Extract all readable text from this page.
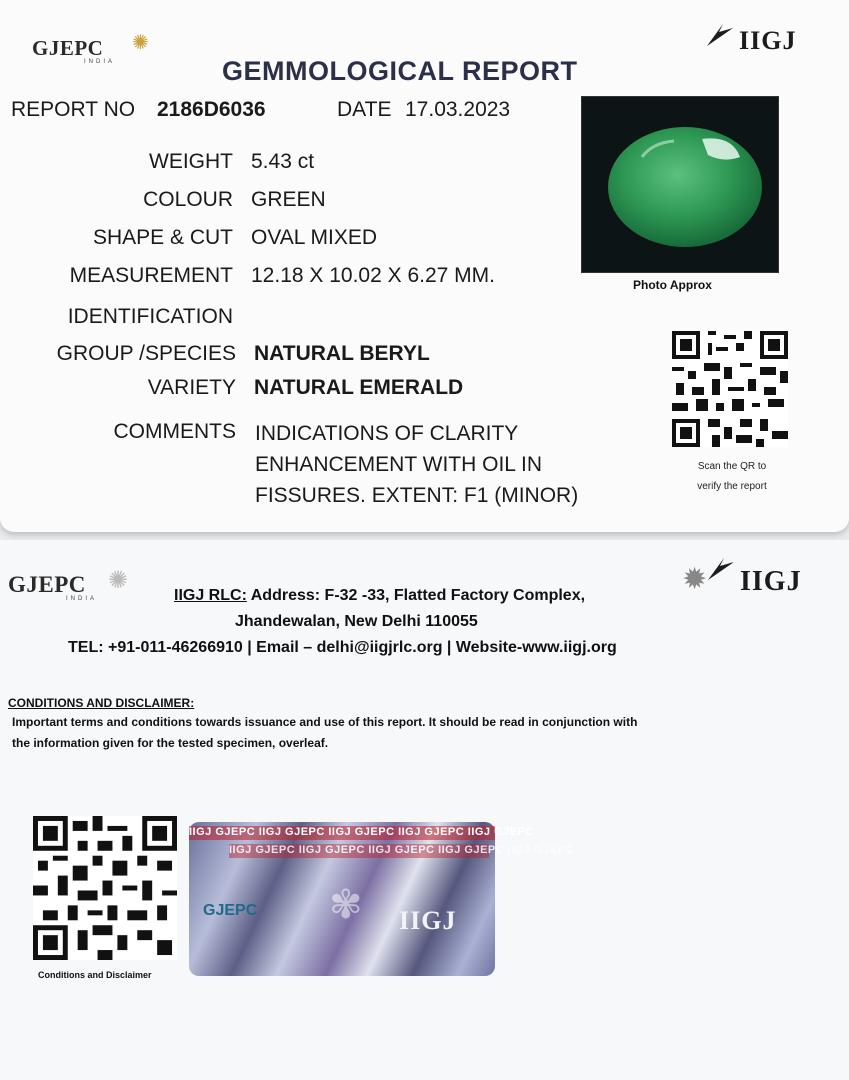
GJEPC ✺
INDIA
IIGJ
GEMMOLOGICAL REPORT
REPORT NO 2186D6036	DATE 17.03.2023
WEIGHT 5.43 ct
COLOUR GREEN
SHAPE & CUT OVAL MIXED
MEASUREMENT 12.18 X 10.02 X 6.27 MM.
IDENTIFICATION
GROUP /SPECIES NATURAL BERYL
VARIETY NATURAL EMERALD
COMMENTS INDICATIONS OF CLARITY
ENHANCEMENT WITH OIL IN
FISSURES. EXTENT: F1 (MINOR)
Photo Approx
Scan the QR to
verify the report
GJEPC ✺
INDIA
✹ IIGJ
IIGJ RLC: Address: F-32 -33, Flatted Factory Complex,
Jhandewalan, New Delhi 110055
TEL: +91-011-46266910 | Email – delhi@iigjrlc.org | Website-www.iigj.org
CONDITIONS AND DISCLAIMER:
Important terms and conditions towards issuance and use of this report. It should be read in conjunction with
the information given for the tested specimen, overleaf.
Conditions and Disclaimer
IIGJ GJEPC IIGJ GJEPC IIGJ GJEPC IIGJ GJEPC IIGJ GJEPC
IIGJ GJEPC IIGJ GJEPC IIGJ GJEPC IIGJ GJEPC IIGJ GJEPC
GJEPC	IIGJ
✾
